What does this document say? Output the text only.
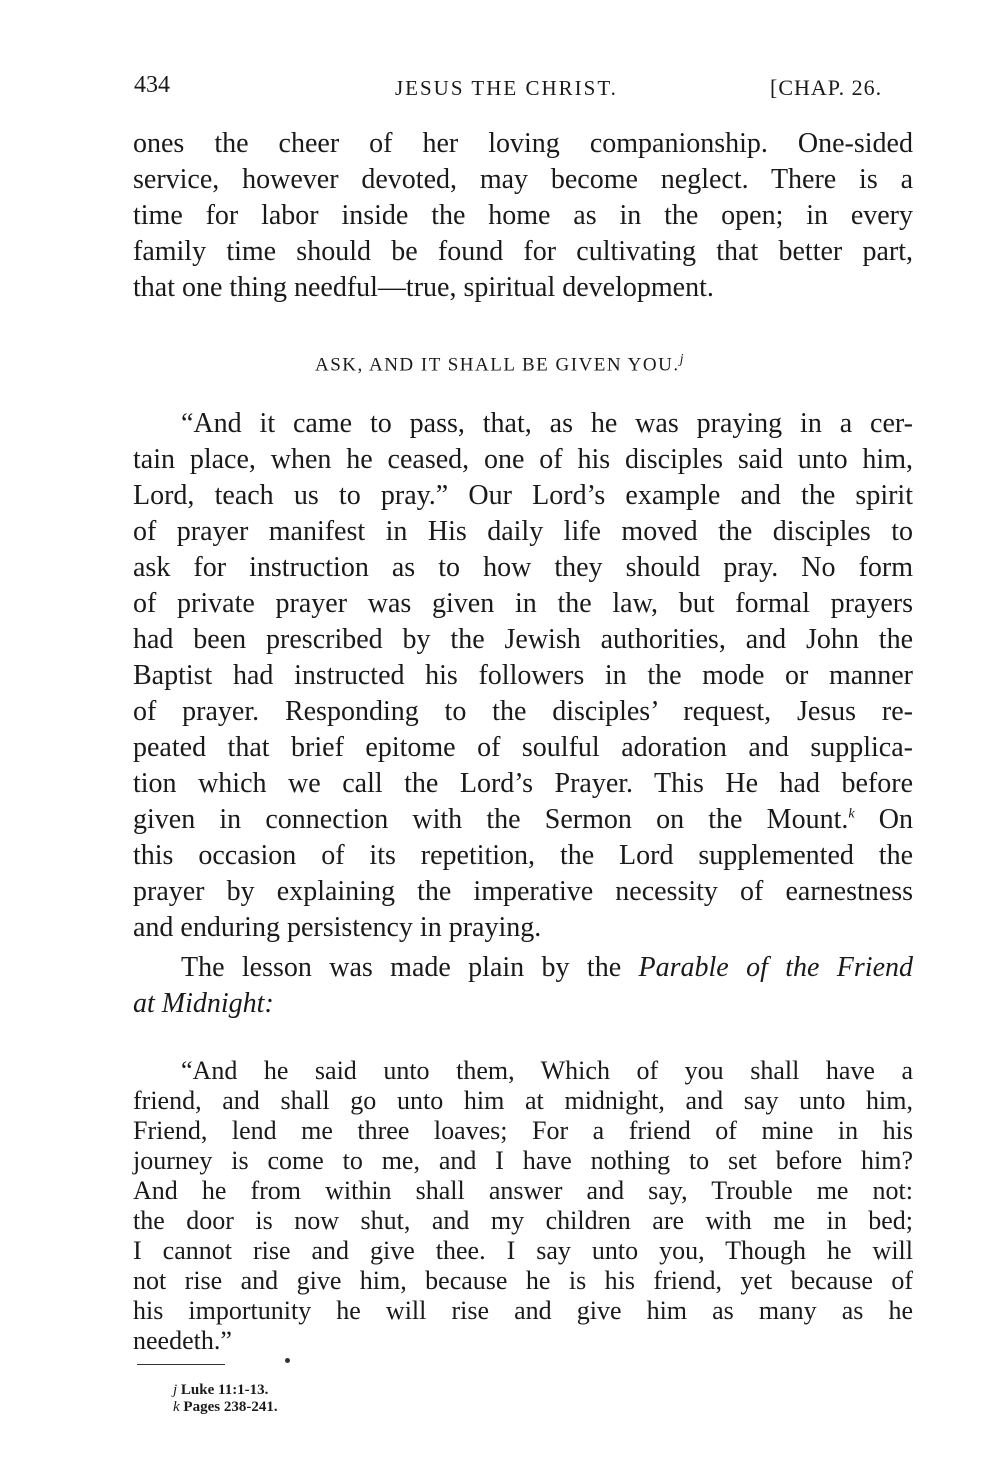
434	JESUS THE CHRIST.	[CHAP. 26.
ones the cheer of her loving companionship. One-sided
service, however devoted, may become neglect. There is a
time for labor inside the home as in the open; in every
family time should be found for cultivating that better part,
that one thing needful—true, spiritual development.
ASK, AND IT SHALL BE GIVEN YOU.$^j$
“And it came to pass, that, as he was praying in a cer-
tain place, when he ceased, one of his disciples said unto him,
Lord, teach us to pray.” Our Lord’s example and the spirit
of prayer manifest in His daily life moved the disciples to
ask for instruction as to how they should pray. No form
of private prayer was given in the law, but formal prayers
had been prescribed by the Jewish authorities, and John the
Baptist had instructed his followers in the mode or manner
of prayer. Responding to the disciples’ request, Jesus re-
peated that brief epitome of soulful adoration and supplica-
tion which we call the Lord’s Prayer. This He had before
given in connection with the Sermon on the Mount.$^k$ On
this occasion of its repetition, the Lord supplemented the
prayer by explaining the imperative necessity of earnestness
and enduring persistency in praying.
The lesson was made plain by the Parable of the Friend
at Midnight:
“And he said unto them, Which of you shall have a
friend, and shall go unto him at midnight, and say unto him,
Friend, lend me three loaves; For a friend of mine in his
journey is come to me, and I have nothing to set before him?
And he from within shall answer and say, Trouble me not:
the door is now shut, and my children are with me in bed;
I cannot rise and give thee. I say unto you, Though he will
not rise and give him, because he is his friend, yet because of
his importunity he will rise and give him as many as he
needeth.”
j Luke 11:1-13.
k Pages 238-241.
